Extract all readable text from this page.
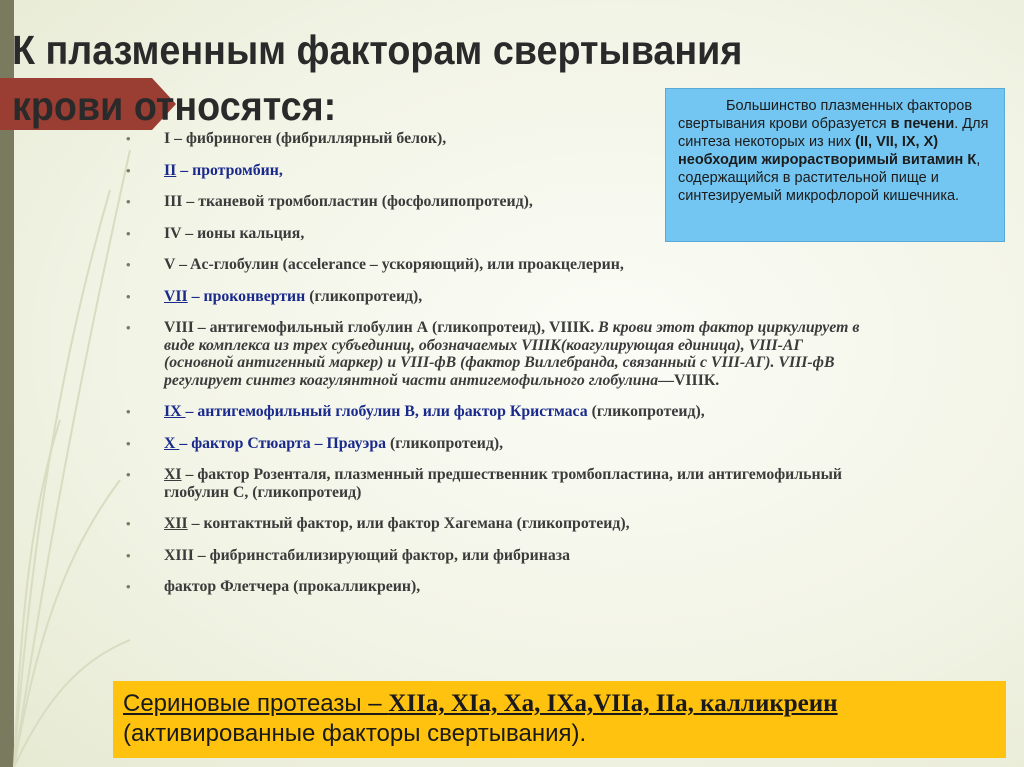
К плазменным факторам свертывания
крови относятся:
• I – фибриноген (фибриллярный белок),
• II – протромбин,
• III – тканевой тромбопластин (фосфолипопротеид),
• IV – ионы кальция,
• V – Ac-глобулин (accelerance – ускоряющий), или проакцелерин,
• VII – проконвертин (гликопротеид),
• VIII – антигемофильный глобулин А (гликопротеид), VIIIК. В крови этот фактор циркулирует в виде комплекса из трех субъединиц, обозначаемых VIIIК(коагулирующая единица), VIII-АГ (основной антигенный маркер) и VIII-фВ (фактор Виллебранда, связанный с VIII-АГ). VIII-фВ регулирует синтез коагулянтной части антигемофильного глобулина—VIIIК.
• IX – антигемофильный глобулин В, или фактор Кристмаса (гликопротеид),
• X – фактор Стюарта – Прауэра (гликопротеид),
• XI – фактор Розенталя, плазменный предшественник тромбопластина, или антигемофильный глобулин С, (гликопротеид)
• XII – контактный фактор, или фактор Хагемана (гликопротеид),
• XIII – фибринстабилизирующий фактор, или фибриназа
• фактор Флетчера (прокалликреин),
Большинство плазменных факторов свертывания крови образуется в печени. Для синтеза некоторых из них (II, VII, IX, X) необходим жирорастворимый витамин К, содержащийся в растительной пище и синтезируемый микрофлорой кишечника.
Сериновые протеазы – XIIa, XIa, Xa, IXa,VIIa, IIa, калликреин
(активированные факторы свертывания).
